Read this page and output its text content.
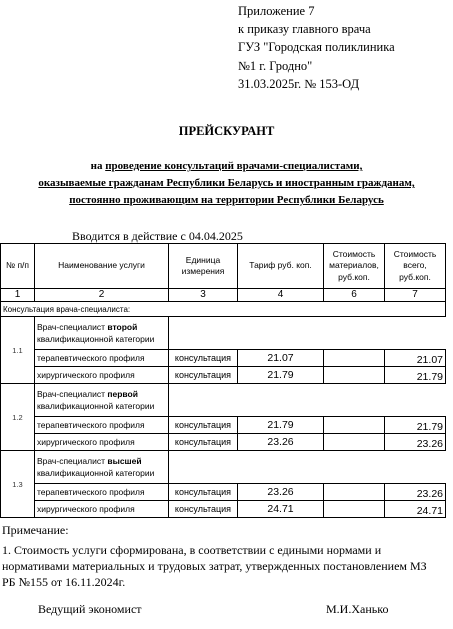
Приложение 7
к приказу главного врача
ГУЗ "Городская поликлиника
№1 г. Гродно"
31.03.2025г. № 153-ОД
ПРЕЙСКУРАНТ
на проведение консультаций врачами-специалистами,
оказываемые гражданам Республики Беларусь и иностранным гражданам,
постоянно проживающим на территории Республики Беларусь
Вводится в действие с 04.04.2025
№ п/п	Наименование услуги	Единица измерения	Тариф руб. коп.	Стоимость материалов, руб.коп.	Стоимость всего, руб.коп.
1	2	3	4	6	7
Консультация врача-специалиста:					
1.1	Врач-специалист второй квалификационной категории				
	терапевтического профиля	консультация	21.07		21.07
	хирургического профиля	консультация	21.79		21.79
1.2	Врач-специалист первой квалификационной категории				
	терапевтического профиля	консультация	21.79		21.79
	хирургического профиля	консультация	23.26		23.26
1.3	Врач-специалист высшей квалификационной категории				
	терапевтического профиля	консультация	23.26		23.26
	хирургического профиля	консультация	24.71		24.71
Примечание:
1. Стоимость услуги сформирована, в соответствии с едиными нормами и нормативами материальных и трудовых затрат, утвержденных постановлением МЗ РБ №155 от 16.11.2024г.
Ведущий экономист	М.И.Ханько
